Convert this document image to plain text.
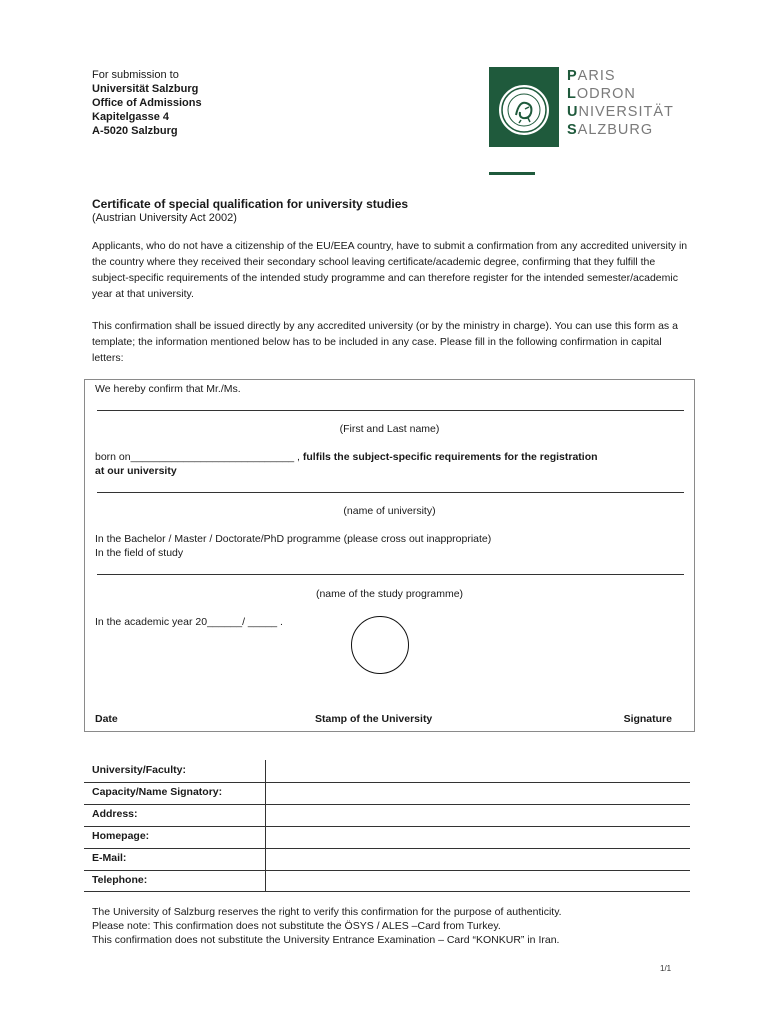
For submission to
Universität Salzburg
Office of Admissions
Kapitelgasse 4
A-5020 Salzburg
PARIS
LODRON
UNIVERSITÄT
SALZBURG
Certificate of special qualification for university studies
(Austrian University Act 2002)
Applicants, who do not have a citizenship of the EU/EEA country, have to submit a confirmation from any accredited university in the country where they received their secondary school leaving certificate/academic degree, confirming that they fulfill the subject-specific requirements of the intended study programme and can therefore register for the intended semester/academic year at that university.
This confirmation shall be issued directly by any accredited university (or by the ministry in charge). You can use this form as a template; the information mentioned below has to be included in any case. Please fill in the following confirmation in capital letters:
We hereby confirm that Mr./Ms.
(First and Last name)
born on____________________________ , fulfils the subject-specific requirements for the registration
at our university
(name of university)
In the Bachelor / Master / Doctorate/PhD programme (please cross out inappropriate)
In the field of study
(name of the study programme)
In the academic year 20______/ _____ .
Date	Stamp of the University	Signature
University/Faculty:
Capacity/Name Signatory:
Address:
Homepage:
E-Mail:
Telephone:
The University of Salzburg reserves the right to verify this confirmation for the purpose of authenticity.
Please note: This confirmation does not substitute the ÖSYS / ALES –Card from Turkey.
This confirmation does not substitute the University Entrance Examination – Card “KONKUR” in Iran.
1/1
